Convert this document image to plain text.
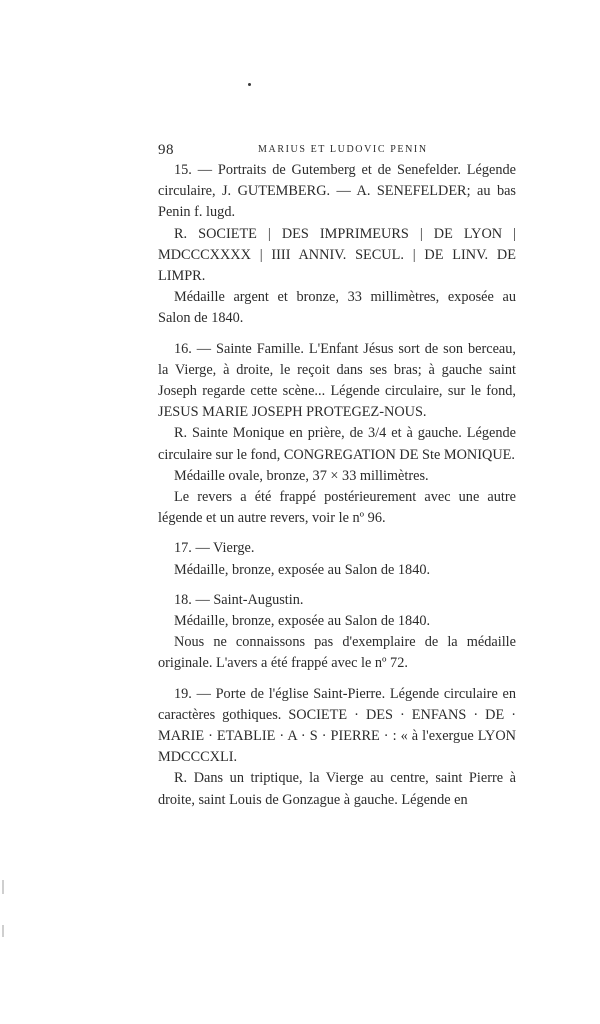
98	MARIUS ET LUDOVIC PENIN

15. — Portraits de Gutemberg et de Senefelder. Légende circulaire, J. GUTEMBERG. — A. SENEFELDER; au bas Penin f. lugd.

R. SOCIETE | DES IMPRIMEURS | DE LYON | MDCCCXXXX | IIII ANNIV. SECUL. | DE LINV. DE LIMPR.

Médaille argent et bronze, 33 millimètres, exposée au Salon de 1840.

16. — Sainte Famille. L'Enfant Jésus sort de son berceau, la Vierge, à droite, le reçoit dans ses bras; à gauche saint Joseph regarde cette scène... Légende circulaire, sur le fond, JESUS MARIE JOSEPH PROTEGEZ-NOUS.

R. Sainte Monique en prière, de 3/4 et à gauche. Légende circulaire sur le fond, CONGREGATION DE Ste MONIQUE.

Médaille ovale, bronze, 37 × 33 millimètres.

Le revers a été frappé postérieurement avec une autre légende et un autre revers, voir le nº 96.

17. — Vierge.

Médaille, bronze, exposée au Salon de 1840.

18. — Saint-Augustin.

Médaille, bronze, exposée au Salon de 1840.

Nous ne connaissons pas d'exemplaire de la médaille originale. L'avers a été frappé avec le nº 72.

19. — Porte de l'église Saint-Pierre. Légende circulaire en caractères gothiques. SOCIETE · DES · ENFANS · DE · MARIE · ETABLIE · A · S · PIERRE · : « à l'exergue LYON MDCCCXLI.

R. Dans un triptique, la Vierge au centre, saint Pierre à droite, saint Louis de Gonzague à gauche. Légende en
